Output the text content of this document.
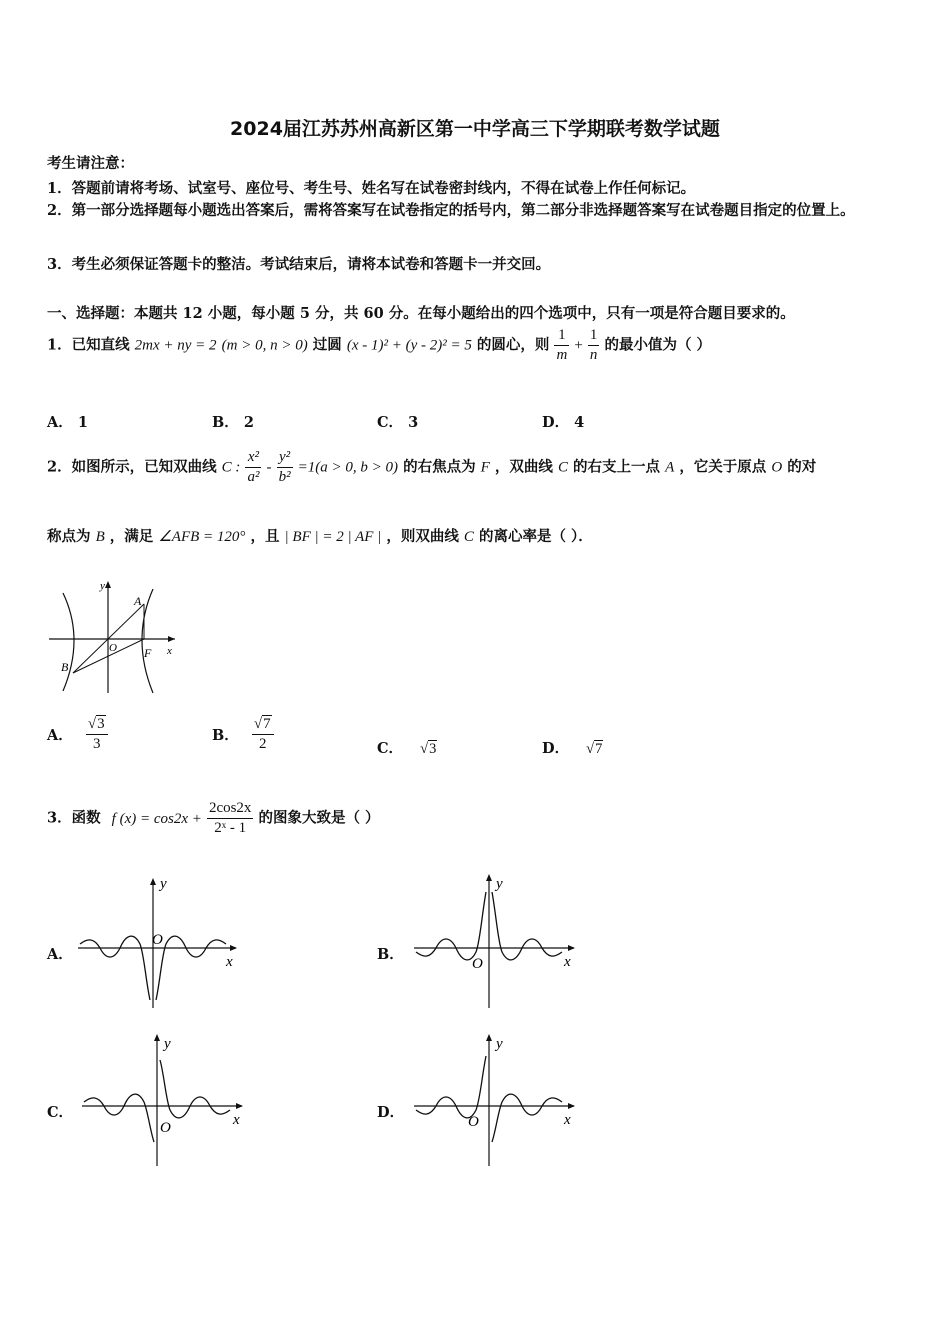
2024届江苏苏州高新区第一中学高三下学期联考数学试题
考生请注意：
1．答题前请将考场、试室号、座位号、考生号、姓名写在试卷密封线内，不得在试卷上作任何标记。
2．第一部分选择题每小题选出答案后，需将答案写在试卷指定的括号内，第二部分非选择题答案写在试卷题目指定的位置上。
3．考生必须保证答题卡的整洁。考试结束后，请将本试卷和答题卡一并交回。
一、选择题：本题共 12 小题，每小题 5 分，共 60 分。在每小题给出的四个选项中，只有一项是符合题目要求的。
1．已知直线 2mx + ny = 2 (m > 0, n > 0) 过圆 (x - 1)² + (y - 2)² = 5 的圆心，则 $\frac{1}{m} + \frac{1}{n}$ 的最小值为（ ）
A． 1	B． 2	C． 3	D． 4
2．如图所示，已知双曲线 C : $\frac{\text{x²}}{\text{a²}} - \frac{\text{y²}}{\text{b²}} =1(a > 0$, b > 0) 的右焦点为 F ，双曲线 C 的右支上一点 A ，它关于原点 O 的对
称点为 B ，满足 ∠AFB = 120° ，且 | BF | = 2 | AF | ，则双曲线 C 的离心率是（ ）．
y
A
O F x
B
A． $\frac{√3}{3}$	B． $\frac{√7}{2}$	C． √3	D． √7
3．函数 f $(x) = \cos 2x + \frac{2\cos 2x}{\text{2ˣ - 1}}$ 的图象大致是（ ）
A．
y
O
x	B．
y
O	x
C．
y
O	x	D．
y
O	x
